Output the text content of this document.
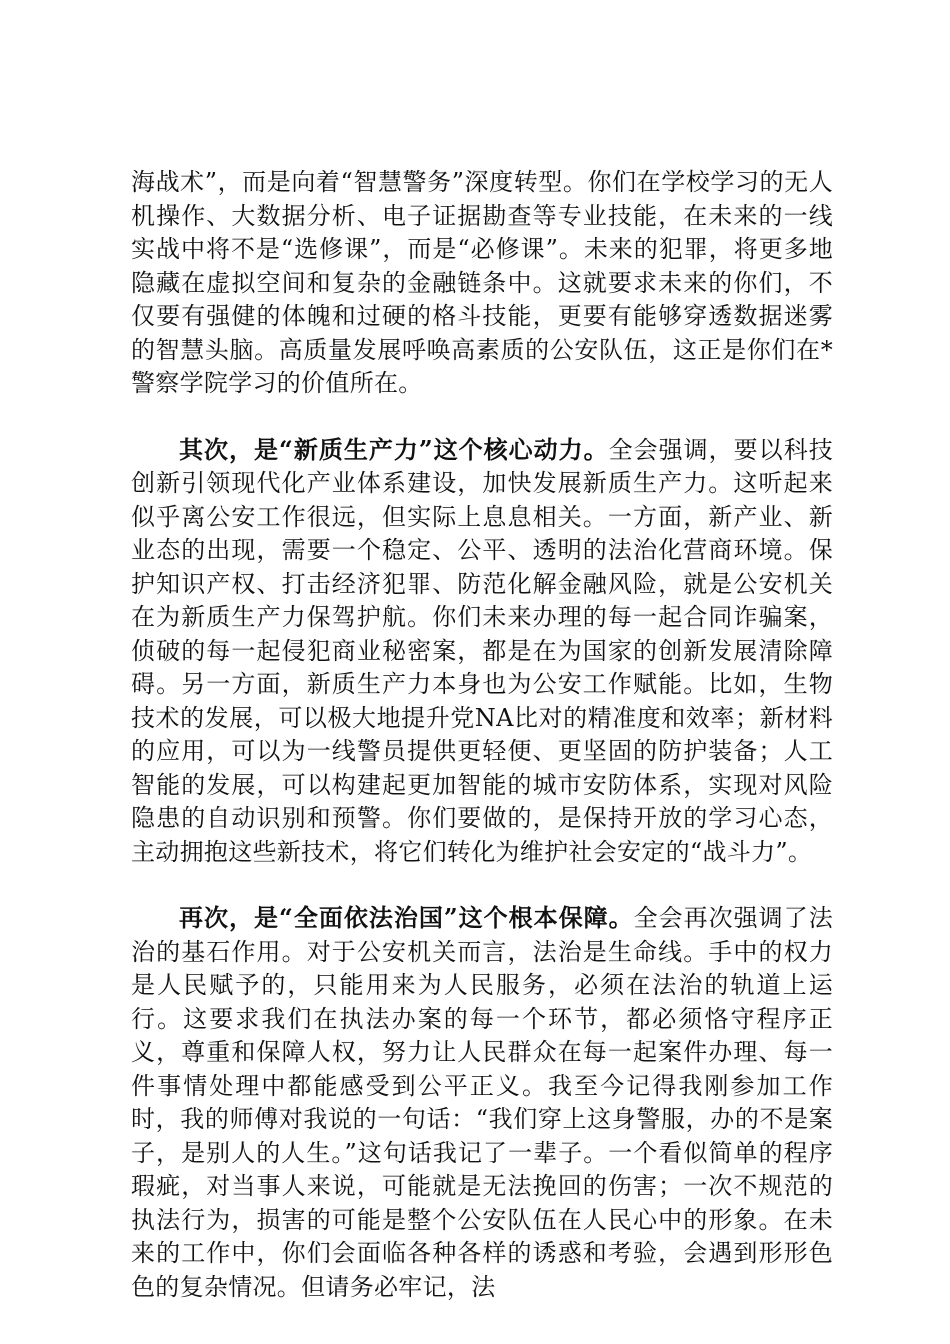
海战术”，而是向着“智慧警务”深度转型。你们在学校学习的无人机操作、大数据分析、电子证据勘查等专业技能，在未来的一线实战中将不是“选修课”，而是“必修课”。未来的犯罪，将更多地隐藏在虚拟空间和复杂的金融链条中。这就要求未来的你们，不仅要有强健的体魄和过硬的格斗技能，更要有能够穿透数据迷雾的智慧头脑。高质量发展呼唤高素质的公安队伍，这正是你们在*警察学院学习的价值所在。

其次，是“新质生产力”这个核心动力。全会强调，要以科技创新引领现代化产业体系建设，加快发展新质生产力。这听起来似乎离公安工作很远，但实际上息息相关。一方面，新产业、新业态的出现，需要一个稳定、公平、透明的法治化营商环境。保护知识产权、打击经济犯罪、防范化解金融风险，就是公安机关在为新质生产力保驾护航。你们未来办理的每一起合同诈骗案，侦破的每一起侵犯商业秘密案，都是在为国家的创新发展清除障碍。另一方面，新质生产力本身也为公安工作赋能。比如，生物技术的发展，可以极大地提升党NA比对的精准度和效率；新材料的应用，可以为一线警员提供更轻便、更坚固的防护装备；人工智能的发展，可以构建起更加智能的城市安防体系，实现对风险隐患的自动识别和预警。你们要做的，是保持开放的学习心态，主动拥抱这些新技术，将它们转化为维护社会安定的“战斗力”。

再次，是“全面依法治国”这个根本保障。全会再次强调了法治的基石作用。对于公安机关而言，法治是生命线。手中的权力是人民赋予的，只能用来为人民服务，必须在法治的轨道上运行。这要求我们在执法办案的每一个环节，都必须恪守程序正义，尊重和保障人权，努力让人民群众在每一起案件办理、每一件事情处理中都能感受到公平正义。我至今记得我刚参加工作时，我的师傅对我说的一句话：“我们穿上这身警服，办的不是案子，是别人的人生。”这句话我记了一辈子。一个看似简单的程序瑕疵，对当事人来说，可能就是无法挽回的伤害；一次不规范的执法行为，损害的可能是整个公安队伍在人民心中的形象。在未来的工作中，你们会面临各种各样的诱惑和考验，会遇到形形色色的复杂情况。但请务必牢记，法
